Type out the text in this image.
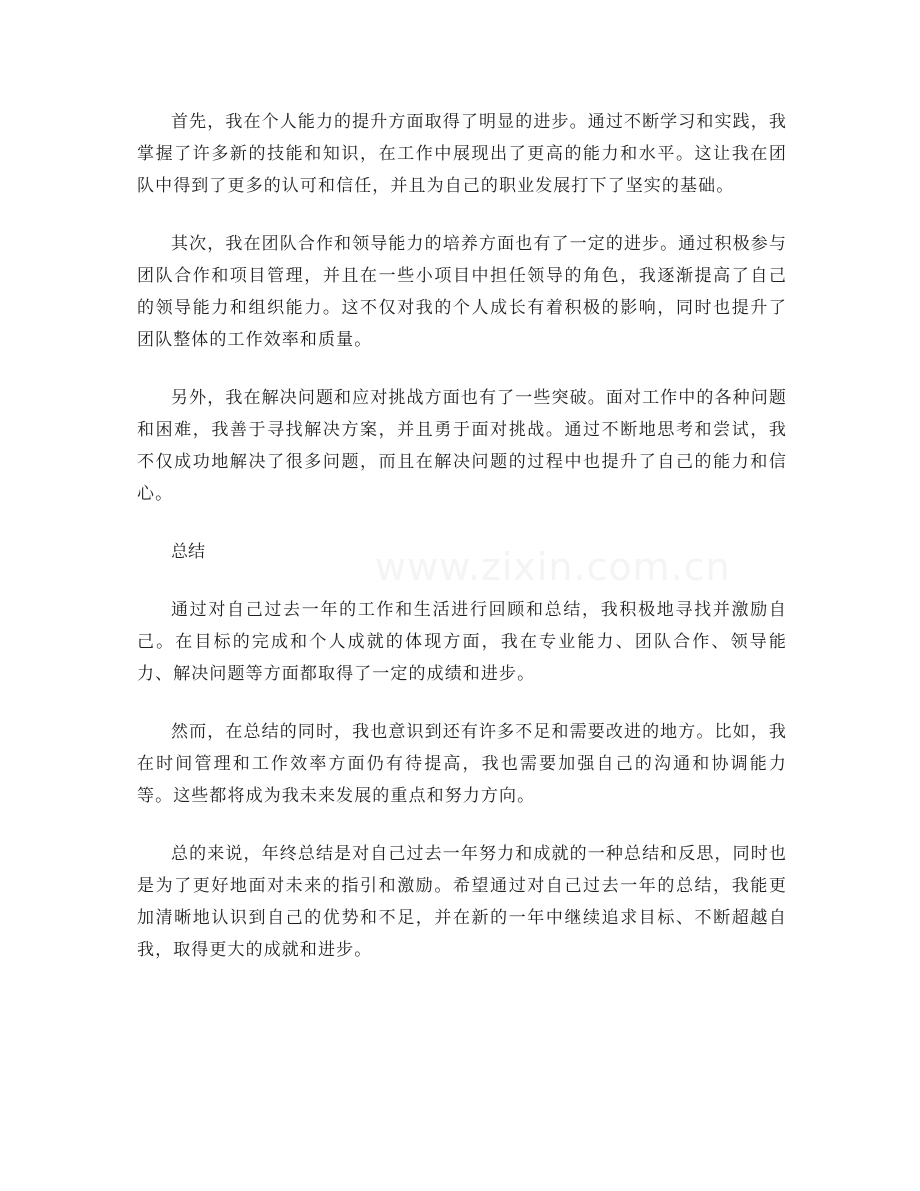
首先，我在个人能力的提升方面取得了明显的进步。通过不断学习和实践，我掌握了许多新的技能和知识，在工作中展现出了更高的能力和水平。这让我在团队中得到了更多的认可和信任，并且为自己的职业发展打下了坚实的基础。

其次，我在团队合作和领导能力的培养方面也有了一定的进步。通过积极参与团队合作和项目管理，并且在一些小项目中担任领导的角色，我逐渐提高了自己的领导能力和组织能力。这不仅对我的个人成长有着积极的影响，同时也提升了团队整体的工作效率和质量。

另外，我在解决问题和应对挑战方面也有了一些突破。面对工作中的各种问题和困难，我善于寻找解决方案，并且勇于面对挑战。通过不断地思考和尝试，我不仅成功地解决了很多问题，而且在解决问题的过程中也提升了自己的能力和信心。

总结

通过对自己过去一年的工作和生活进行回顾和总结，我积极地寻找并激励自己。在目标的完成和个人成就的体现方面，我在专业能力、团队合作、领导能力、解决问题等方面都取得了一定的成绩和进步。

然而，在总结的同时，我也意识到还有许多不足和需要改进的地方。比如，我在时间管理和工作效率方面仍有待提高，我也需要加强自己的沟通和协调能力等。这些都将成为我未来发展的重点和努力方向。

总的来说，年终总结是对自己过去一年努力和成就的一种总结和反思，同时也是为了更好地面对未来的指引和激励。希望通过对自己过去一年的总结，我能更加清晰地认识到自己的优势和不足，并在新的一年中继续追求目标、不断超越自我，取得更大的成就和进步。

www.zixin.com.cn
